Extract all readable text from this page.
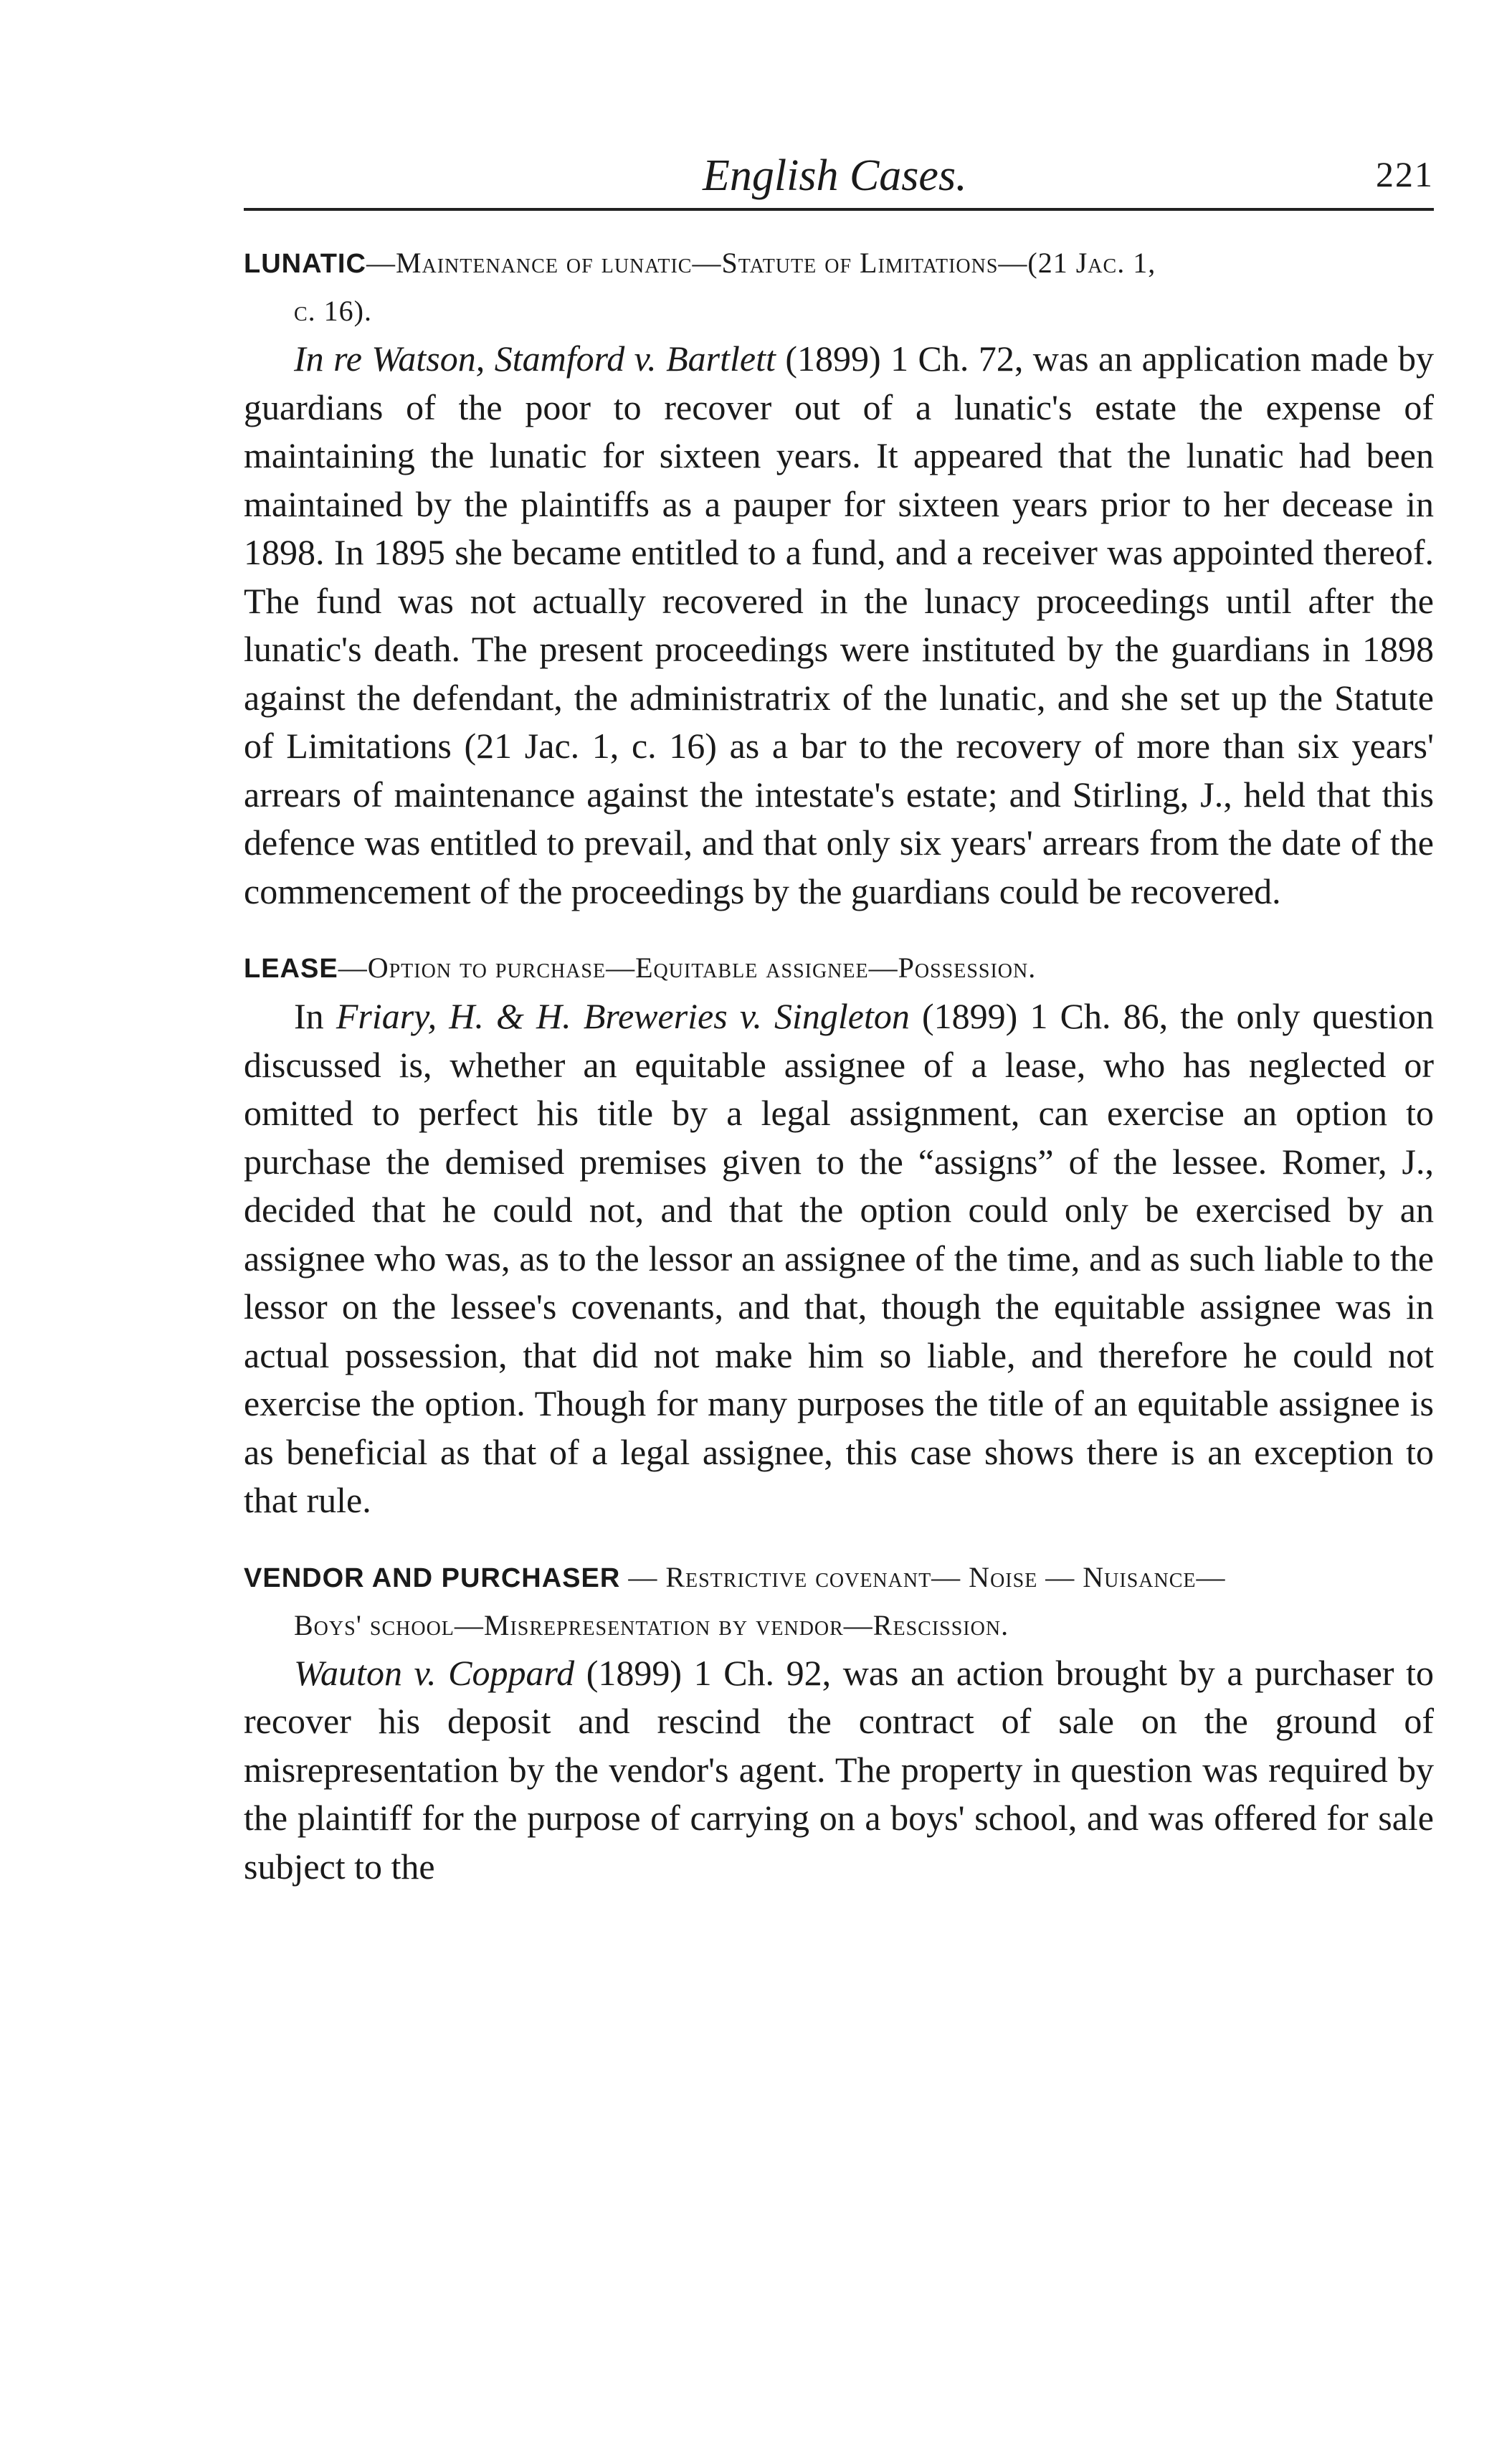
English Cases.	221
LUNATIC—Maintenance of lunatic—Statute of Limitations—(21 Jac. 1,
c. 16).

In re Watson, Stamford v. Bartlett (1899) 1 Ch. 72, was an application made by guardians of the poor to recover out of a lunatic's estate the expense of maintaining the lunatic for sixteen years. It appeared that the lunatic had been maintained by the plaintiffs as a pauper for sixteen years prior to her decease in 1898. In 1895 she became entitled to a fund, and a receiver was appointed thereof. The fund was not actually recovered in the lunacy proceedings until after the lunatic's death. The present proceedings were instituted by the guardians in 1898 against the defendant, the administratrix of the lunatic, and she set up the Statute of Limitations (21 Jac. 1, c. 16) as a bar to the recovery of more than six years' arrears of maintenance against the intestate's estate; and Stirling, J., held that this defence was entitled to prevail, and that only six years' arrears from the date of the commencement of the proceedings by the guardians could be recovered.

LEASE—Option to purchase—Equitable assignee—Possession.

In Friary, H. & H. Breweries v. Singleton (1899) 1 Ch. 86, the only question discussed is, whether an equitable assignee of a lease, who has neglected or omitted to perfect his title by a legal assignment, can exercise an option to purchase the demised premises given to the “assigns” of the lessee. Romer, J., decided that he could not, and that the option could only be exercised by an assignee who was, as to the lessor an assignee of the time, and as such liable to the lessor on the lessee's covenants, and that, though the equitable assignee was in actual possession, that did not make him so liable, and therefore he could not exercise the option. Though for many purposes the title of an equitable assignee is as beneficial as that of a legal assignee, this case shows there is an exception to that rule.

VENDOR AND PURCHASER — Restrictive covenant— Noise — Nuisance—
Boys' school—Misrepresentation by vendor—Rescission.

Wauton v. Coppard (1899) 1 Ch. 92, was an action brought by a purchaser to recover his deposit and rescind the contract of sale on the ground of misrepresentation by the vendor's agent. The property in question was required by the plaintiff for the purpose of carrying on a boys' school, and was offered for sale subject to the
